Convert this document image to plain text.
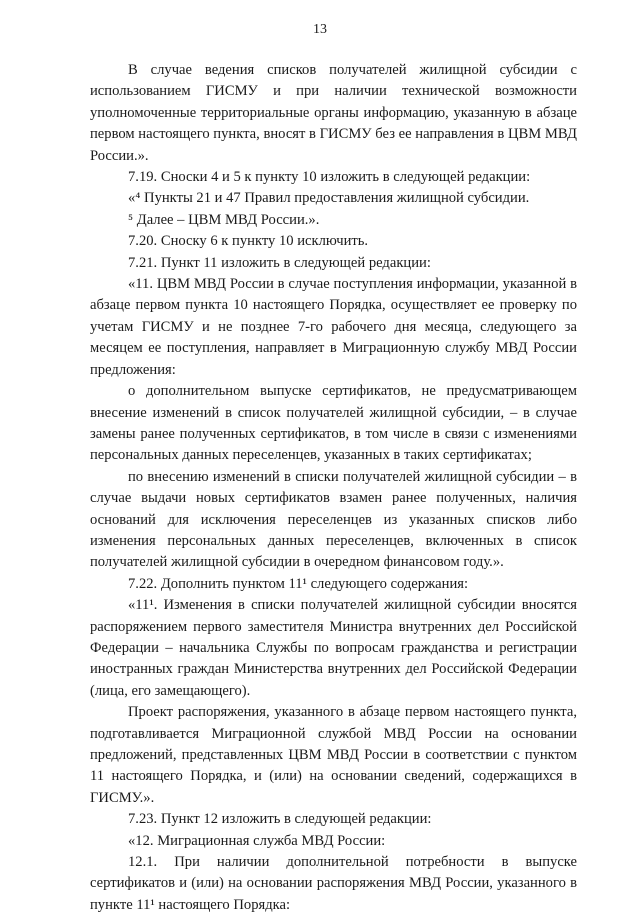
13

В случае ведения списков получателей жилищной субсидии с использованием ГИСМУ и при наличии технической возможности уполномоченные территориальные органы информацию, указанную в абзаце первом настоящего пункта, вносят в ГИСМУ без ее направления в ЦВМ МВД России.».

7.19. Сноски 4 и 5 к пункту 10 изложить в следующей редакции:

«⁴ Пункты 21 и 47 Правил предоставления жилищной субсидии.

⁵ Далее – ЦВМ МВД России.».

7.20. Сноску 6 к пункту 10 исключить.

7.21. Пункт 11 изложить в следующей редакции:

«11. ЦВМ МВД России в случае поступления информации, указанной в абзаце первом пункта 10 настоящего Порядка, осуществляет ее проверку по учетам ГИСМУ и не позднее 7-го рабочего дня месяца, следующего за месяцем ее поступления, направляет в Миграционную службу МВД России предложения:

о дополнительном выпуске сертификатов, не предусматривающем внесение изменений в список получателей жилищной субсидии, – в случае замены ранее полученных сертификатов, в том числе в связи с изменениями персональных данных переселенцев, указанных в таких сертификатах;

по внесению изменений в списки получателей жилищной субсидии – в случае выдачи новых сертификатов взамен ранее полученных, наличия оснований для исключения переселенцев из указанных списков либо изменения персональных данных переселенцев, включенных в список получателей жилищной субсидии в очередном финансовом году.».

7.22. Дополнить пунктом 11¹ следующего содержания:

«11¹. Изменения в списки получателей жилищной субсидии вносятся распоряжением первого заместителя Министра внутренних дел Российской Федерации – начальника Службы по вопросам гражданства и регистрации иностранных граждан Министерства внутренних дел Российской Федерации (лица, его замещающего).

Проект распоряжения, указанного в абзаце первом настоящего пункта, подготавливается Миграционной службой МВД России на основании предложений, представленных ЦВМ МВД России в соответствии с пунктом 11 настоящего Порядка, и (или) на основании сведений, содержащихся в ГИСМУ.».

7.23. Пункт 12 изложить в следующей редакции:

«12. Миграционная служба МВД России:

12.1. При наличии дополнительной потребности в выпуске сертификатов и (или) на основании распоряжения МВД России, указанного в пункте 11¹ настоящего Порядка:
